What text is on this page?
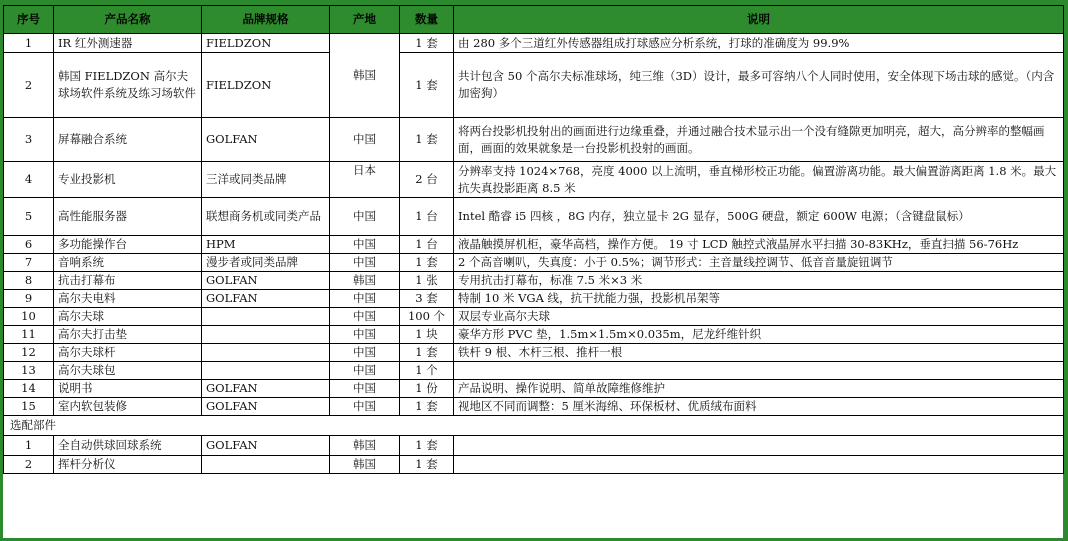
序号	产品名称	品牌规格	产地	数量	说明
1	IR 红外测速器	FIELDZON	韩国	1 套	由 280 多个三道红外传感器组成打球感应分析系统，打球的准确度为 99.9%
2	韩国 FIELDZON 高尔夫球场软件系统及练习场软件	FIELDZON		1 套	共计包含 50 个高尔夫标准球场，纯三维（3D）设计，最多可容纳八个人同时使用，安全体现下场击球的感觉。（内含加密狗）
3	屏幕融合系统	GOLFAN	中国	1 套	将两台投影机投射出的画面进行边缘重叠，并通过融合技术显示出一个没有缝隙更加明亮，超大，高分辨率的整幅画面，画面的效果就象是一台投影机投射的画面。
4	专业投影机	三洋或同类品牌	日本	2 台	分辨率支持 1024×768，亮度 4000 以上流明，垂直梯形校正功能。偏置游离功能。最大偏置游离距离 1.8 米。最大抗失真投影距离 8.5 米
5	高性能服务器	联想商务机或同类产品	中国	1 台	Intel 酷睿 i5 四核 ，8G 内存，独立显卡 2G 显存，500G 硬盘，额定 600W 电源；（含键盘鼠标）
6	多功能操作台	HPM	中国	1 台	液晶触摸屏机柜，豪华高档，操作方便。 19 寸 LCD 触控式液晶屏水平扫描 30-83KHz，垂直扫描 56-76Hz
7	音响系统	漫步者或同类品牌	中国	1 套	2 个高音喇叭，失真度：小于 0.5%；调节形式：主音量线控调节、低音音量旋钮调节
8	抗击打幕布	GOLFAN	韩国	1 张	专用抗击打幕布，标准 7.5 米×3 米
9	高尔夫电料	GOLFAN	中国	3 套	特制 10 米 VGA 线，抗干扰能力强，投影机吊架等
10	高尔夫球		中国	100 个	双层专业高尔夫球
11	高尔夫打击垫		中国	1 块	豪华方形 PVC 垫，1.5m×1.5m×0.035m，尼龙纤维针织
12	高尔夫球杆		中国	1 套	铁杆 9 根、木杆三根、推杆一根
13	高尔夫球包		中国	1 个	
14	说明书	GOLFAN	中国	1 份	产品说明、操作说明、简单故障维修维护
15	室内软包装修	GOLFAN	中国	1 套	视地区不同而调整：5 厘米海绵、环保板材、优质绒布面料
选配部件					
1	全自动供球回球系统	GOLFAN	韩国	1 套	
2	挥杆分析仪		韩国	1 套	
